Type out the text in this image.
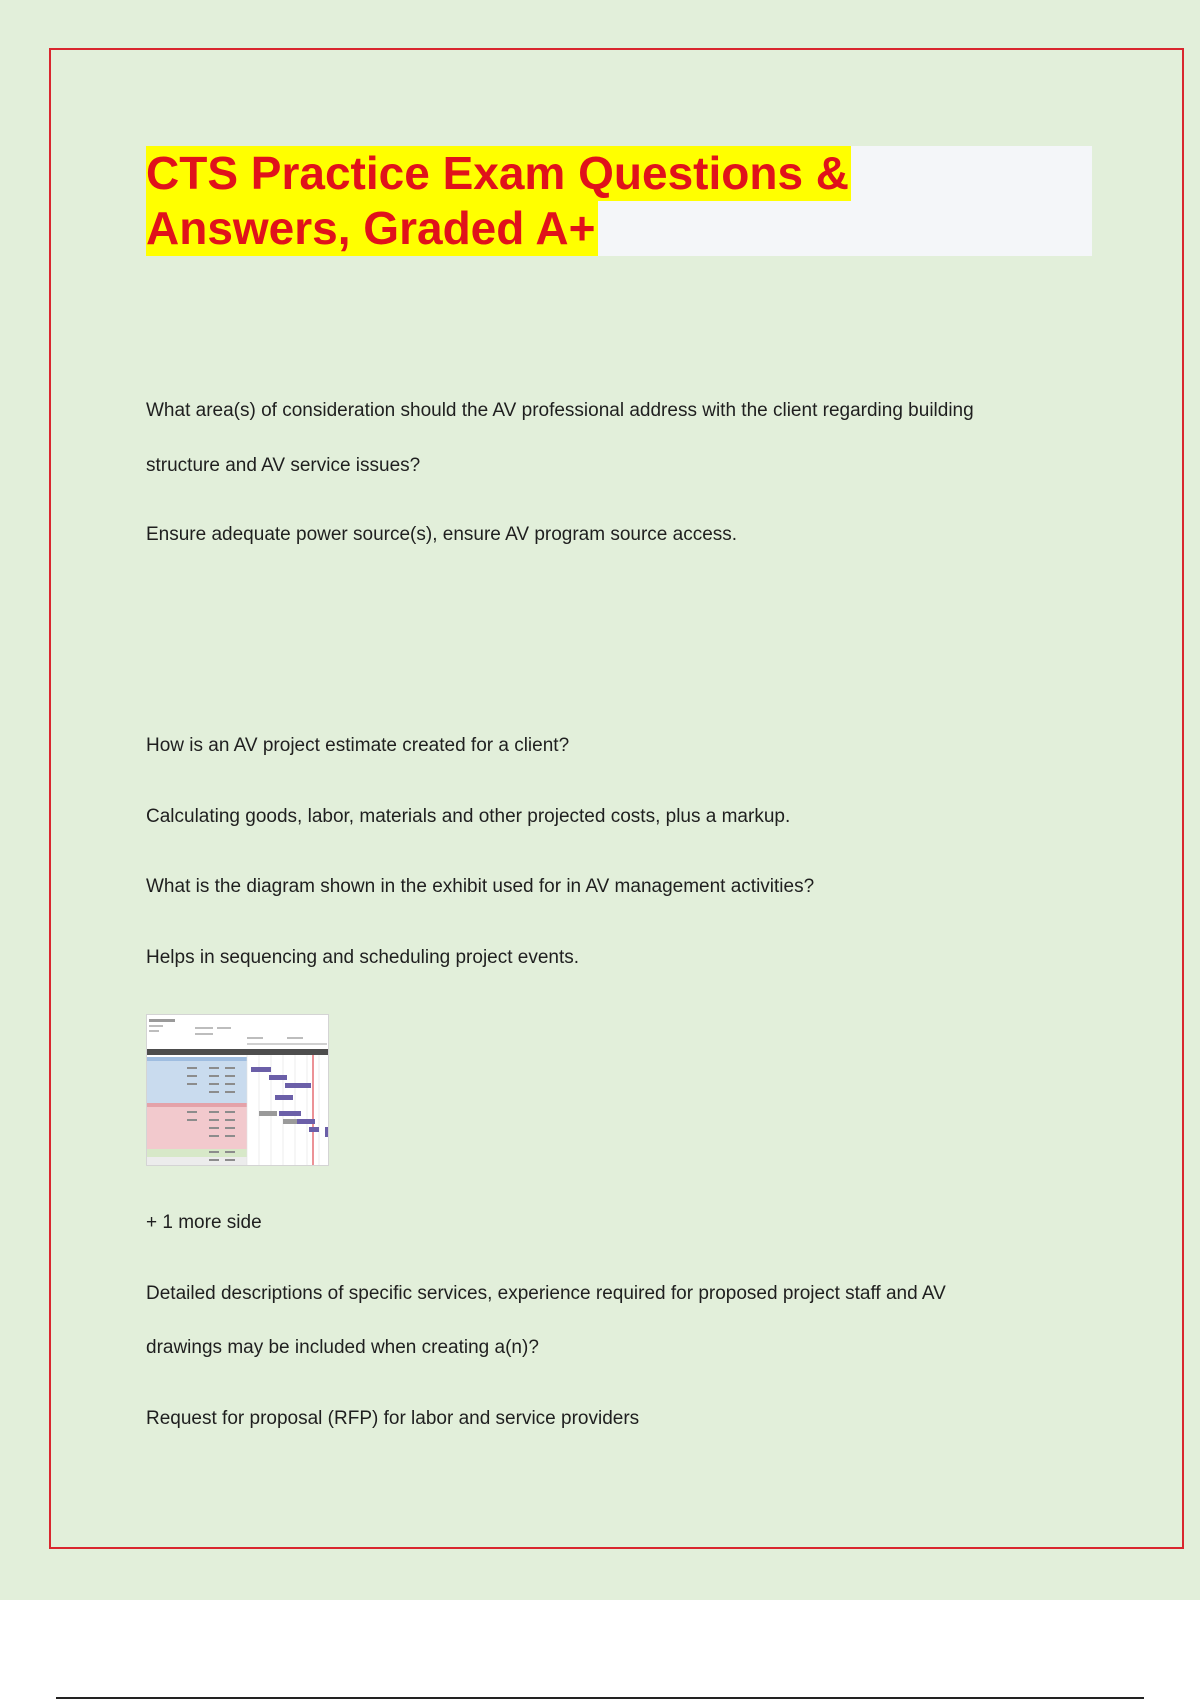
CTS Practice Exam Questions &
Answers, Graded A+
What area(s) of consideration should the AV professional address with the client regarding building
structure and AV service issues?
Ensure adequate power source(s), ensure AV program source access.
How is an AV project estimate created for a client?
Calculating goods, labor, materials and other projected costs, plus a markup.
What is the diagram shown in the exhibit used for in AV management activities?
Helps in sequencing and scheduling project events.
+ 1 more side
Detailed descriptions of specific services, experience required for proposed project staff and AV
drawings may be included when creating a(n)?
Request for proposal (RFP) for labor and service providers
